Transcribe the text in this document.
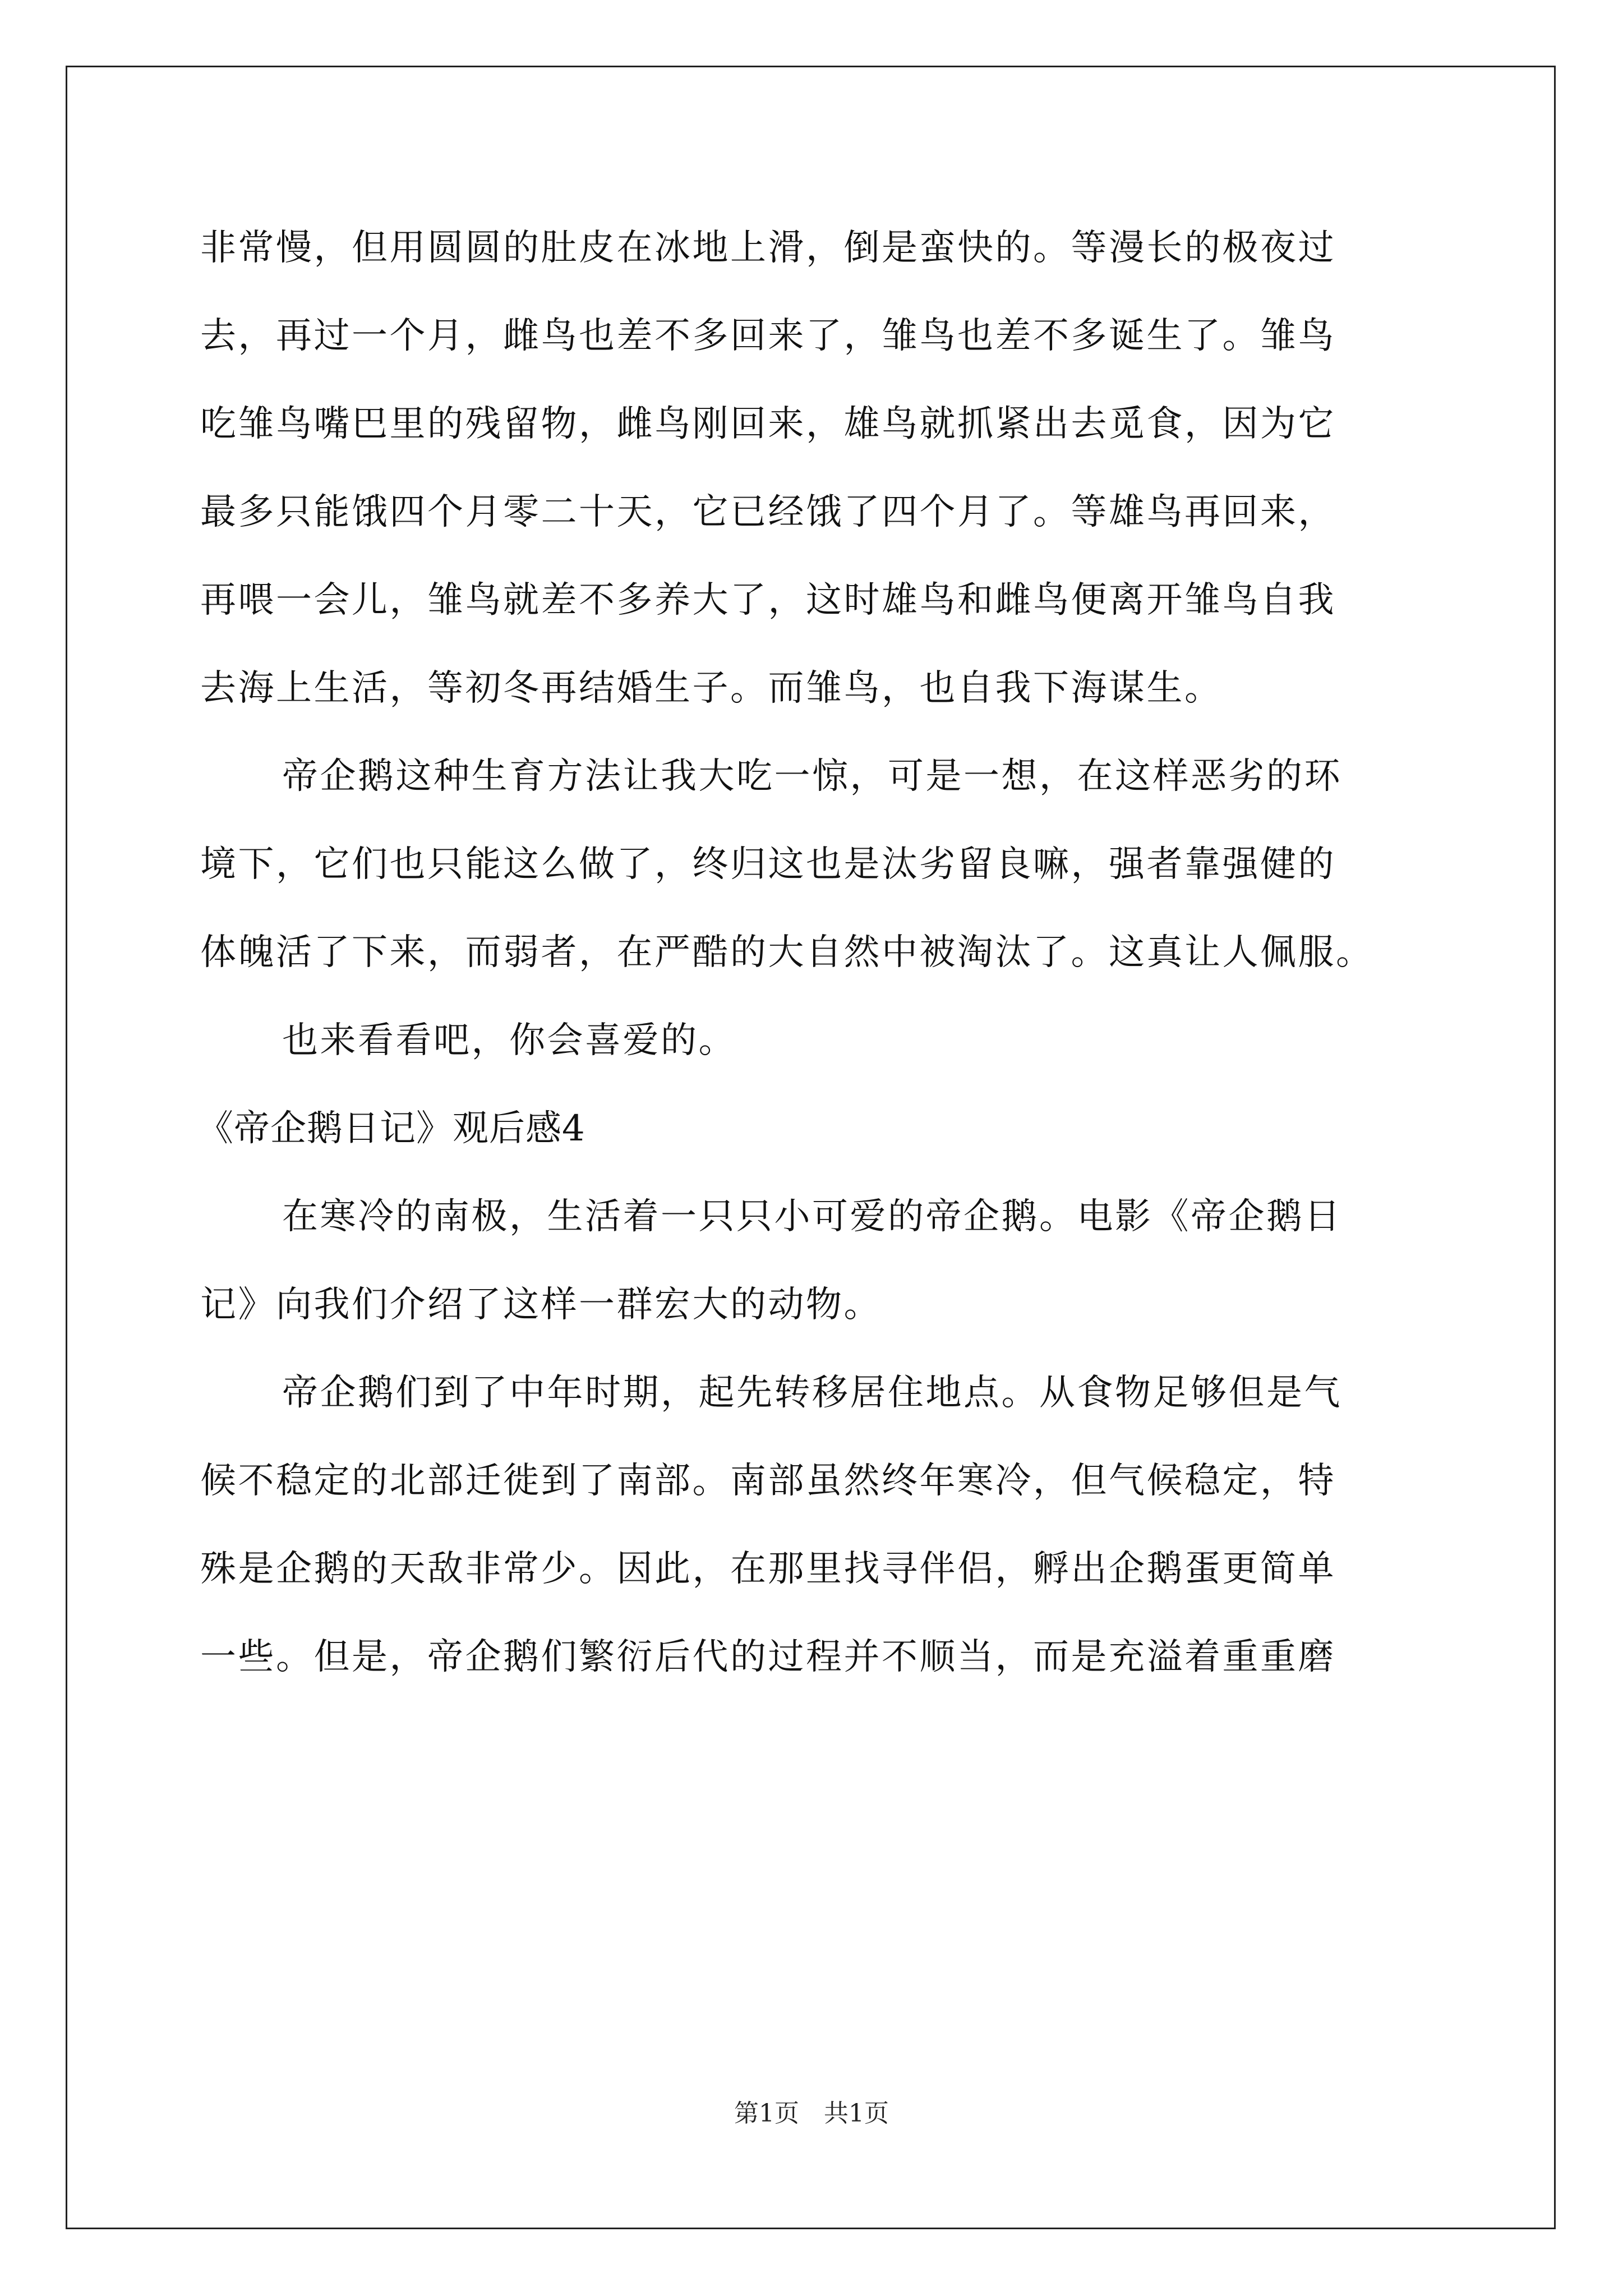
非常慢，但用圆圆的肚皮在冰地上滑，倒是蛮快的。等漫长的极夜过
去，再过一个月，雌鸟也差不多回来了，雏鸟也差不多诞生了。雏鸟
吃雏鸟嘴巴里的残留物，雌鸟刚回来，雄鸟就抓紧出去觅食，因为它
最多只能饿四个月零二十天，它已经饿了四个月了。等雄鸟再回来，
再喂一会儿，雏鸟就差不多养大了，这时雄鸟和雌鸟便离开雏鸟自我
去海上生活，等初冬再结婚生子。而雏鸟，也自我下海谋生。
帝企鹅这种生育方法让我大吃一惊，可是一想，在这样恶劣的环
境下，它们也只能这么做了，终归这也是汰劣留良嘛，强者靠强健的
体魄活了下来，而弱者，在严酷的大自然中被淘汰了。这真让人佩服。
也来看看吧，你会喜爱的。
《帝企鹅日记》观后感4
在寒冷的南极，生活着一只只小可爱的帝企鹅。电影《帝企鹅日
记》向我们介绍了这样一群宏大的动物。
帝企鹅们到了中年时期，起先转移居住地点。从食物足够但是气
候不稳定的北部迁徙到了南部。南部虽然终年寒冷，但气候稳定，特
殊是企鹅的天敌非常少。因此，在那里找寻伴侣，孵出企鹅蛋更简单
一些。但是，帝企鹅们繁衍后代的过程并不顺当，而是充溢着重重磨
第1页　共1页
